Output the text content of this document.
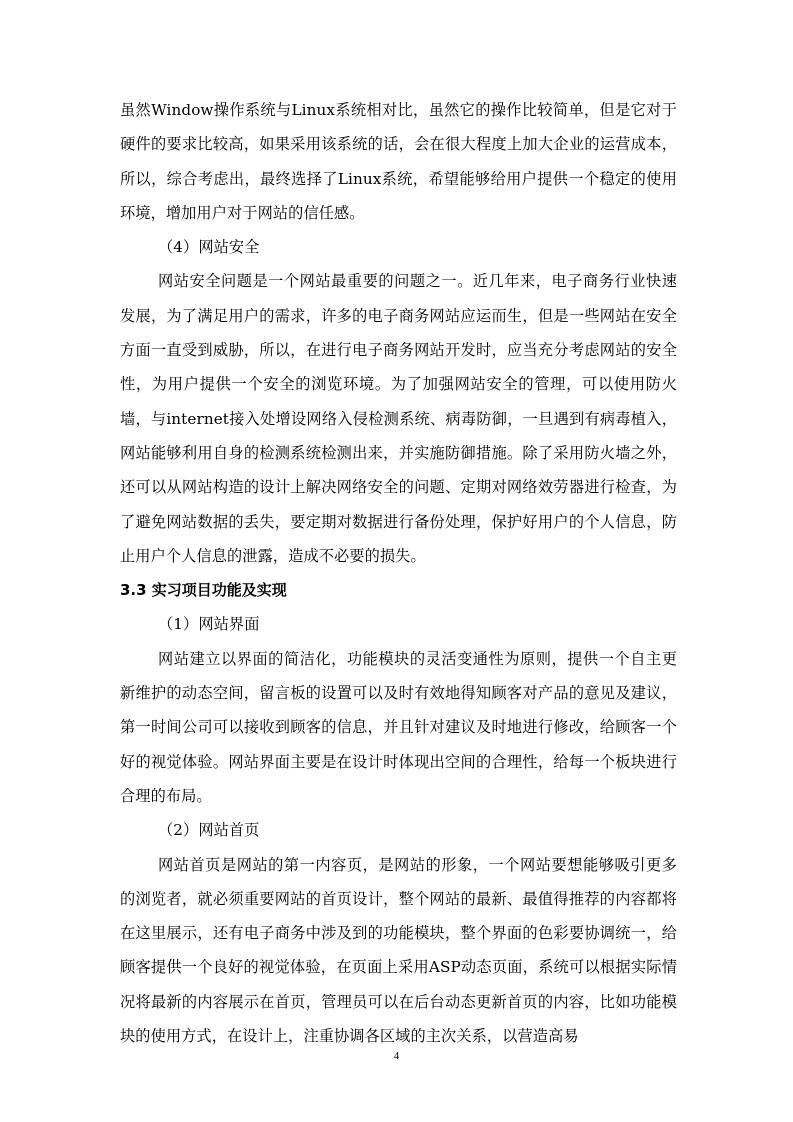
虽然Window操作系统与Linux系统相对比，虽然它的操作比较简单，但是它对于硬件的要求比较高，如果采用该系统的话，会在很大程度上加大企业的运营成本，所以，综合考虑出，最终选择了Linux系统，希望能够给用户提供一个稳定的使用环境，增加用户对于网站的信任感。

（4）网站安全

网站安全问题是一个网站最重要的问题之一。近几年来，电子商务行业快速发展，为了满足用户的需求，许多的电子商务网站应运而生，但是一些网站在安全方面一直受到威胁，所以，在进行电子商务网站开发时，应当充分考虑网站的安全性，为用户提供一个安全的浏览环境。为了加强网站安全的管理，可以使用防火墙，与internet接入处增设网络入侵检测系统、病毒防御，一旦遇到有病毒植入，网站能够利用自身的检测系统检测出来，并实施防御措施。除了采用防火墙之外，还可以从网站构造的设计上解决网络安全的问题、定期对网络效劳器进行检查，为了避免网站数据的丢失，要定期对数据进行备份处理，保护好用户的个人信息，防止用户个人信息的泄露，造成不必要的损失。

3.3 实习项目功能及实现

（1）网站界面

网站建立以界面的简洁化，功能模块的灵活变通性为原则，提供一个自主更新维护的动态空间，留言板的设置可以及时有效地得知顾客对产品的意见及建议，第一时间公司可以接收到顾客的信息，并且针对建议及时地进行修改，给顾客一个好的视觉体验。网站界面主要是在设计时体现出空间的合理性，给每一个板块进行合理的布局。

（2）网站首页

网站首页是网站的第一内容页，是网站的形象，一个网站要想能够吸引更多的浏览者，就必须重要网站的首页设计，整个网站的最新、最值得推荐的内容都将在这里展示，还有电子商务中涉及到的功能模块，整个界面的色彩要协调统一，给顾客提供一个良好的视觉体验，在页面上采用ASP动态页面，系统可以根据实际情况将最新的内容展示在首页，管理员可以在后台动态更新首页的内容，比如功能模块的使用方式，在设计上，注重协调各区域的主次关系，以营造高易

4
